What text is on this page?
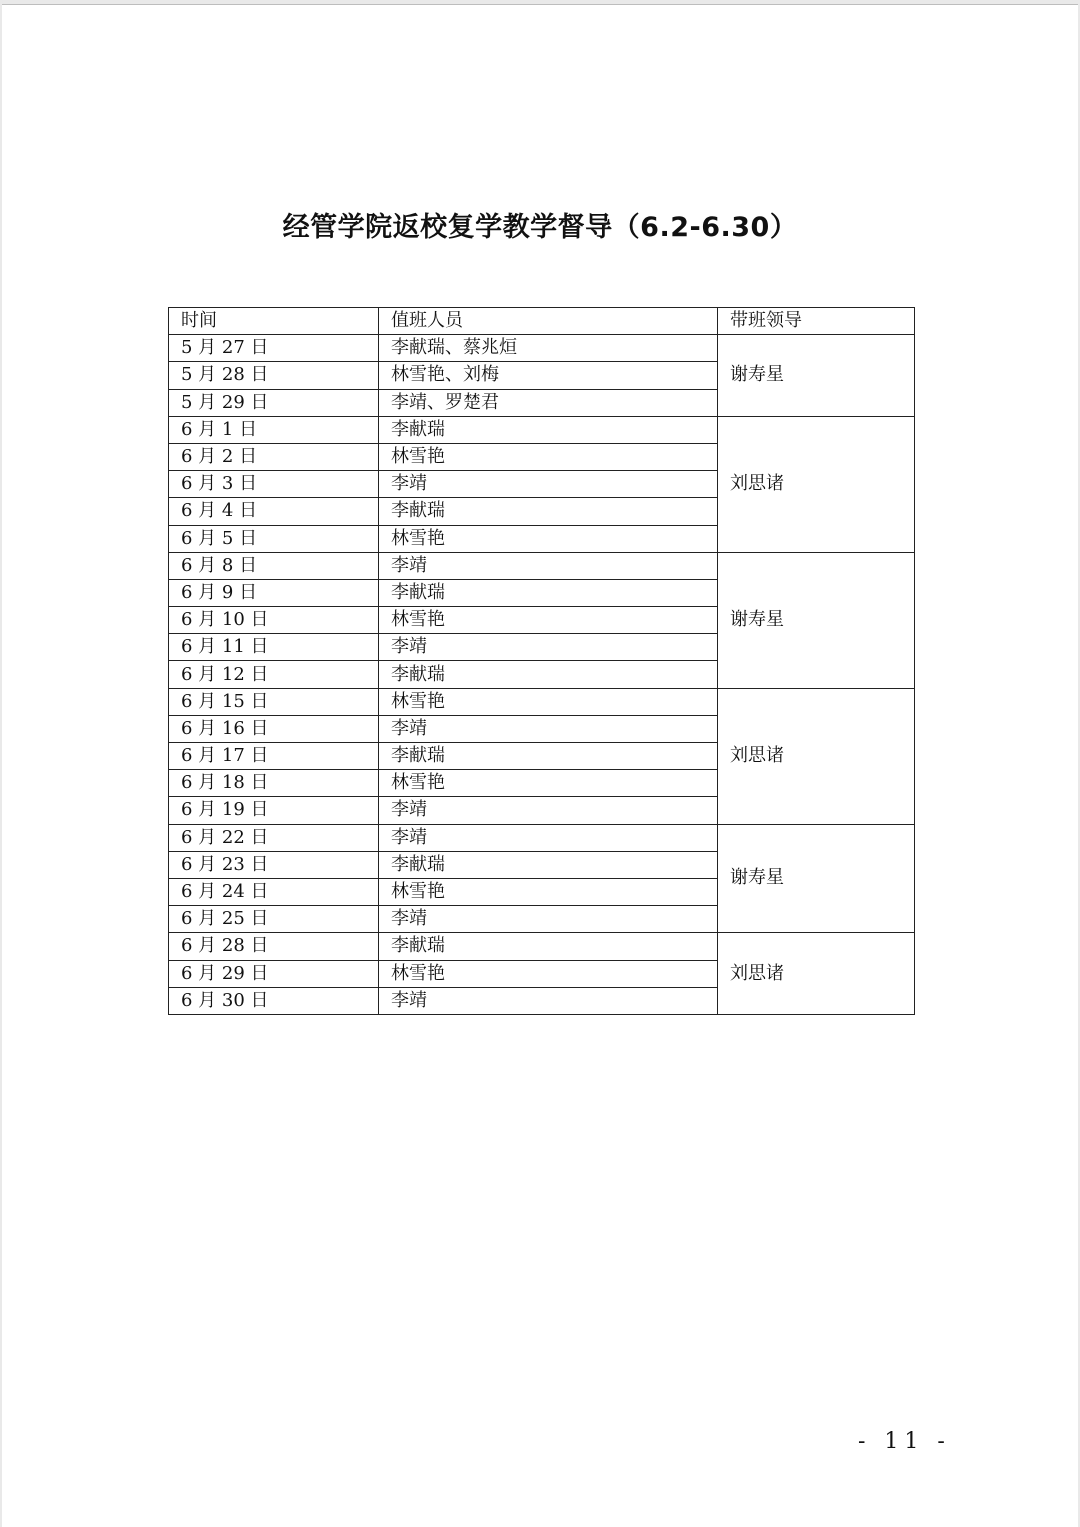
经管学院返校复学教学督导（6.2-6.30）
时间	值班人员	带班领导
5 月 27 日	李献瑞、蔡兆烜	谢寿星
5 月 28 日	林雪艳、刘梅	
5 月 29 日	李靖、罗楚君	
6 月 1 日	李献瑞	刘思诸
6 月 2 日	林雪艳	
6 月 3 日	李靖	
6 月 4 日	李献瑞	
6 月 5 日	林雪艳	
6 月 8 日	李靖	谢寿星
6 月 9 日	李献瑞	
6 月 10 日	林雪艳	
6 月 11 日	李靖	
6 月 12 日	李献瑞	
6 月 15 日	林雪艳	刘思诸
6 月 16 日	李靖	
6 月 17 日	李献瑞	
6 月 18 日	林雪艳	
6 月 19 日	李靖	
6 月 22 日	李靖	谢寿星
6 月 23 日	李献瑞	
6 月 24 日	林雪艳	
6 月 25 日	李靖	
6 月 28 日	李献瑞	刘思诸
6 月 29 日	林雪艳	
6 月 30 日	李靖	
- 11 -
